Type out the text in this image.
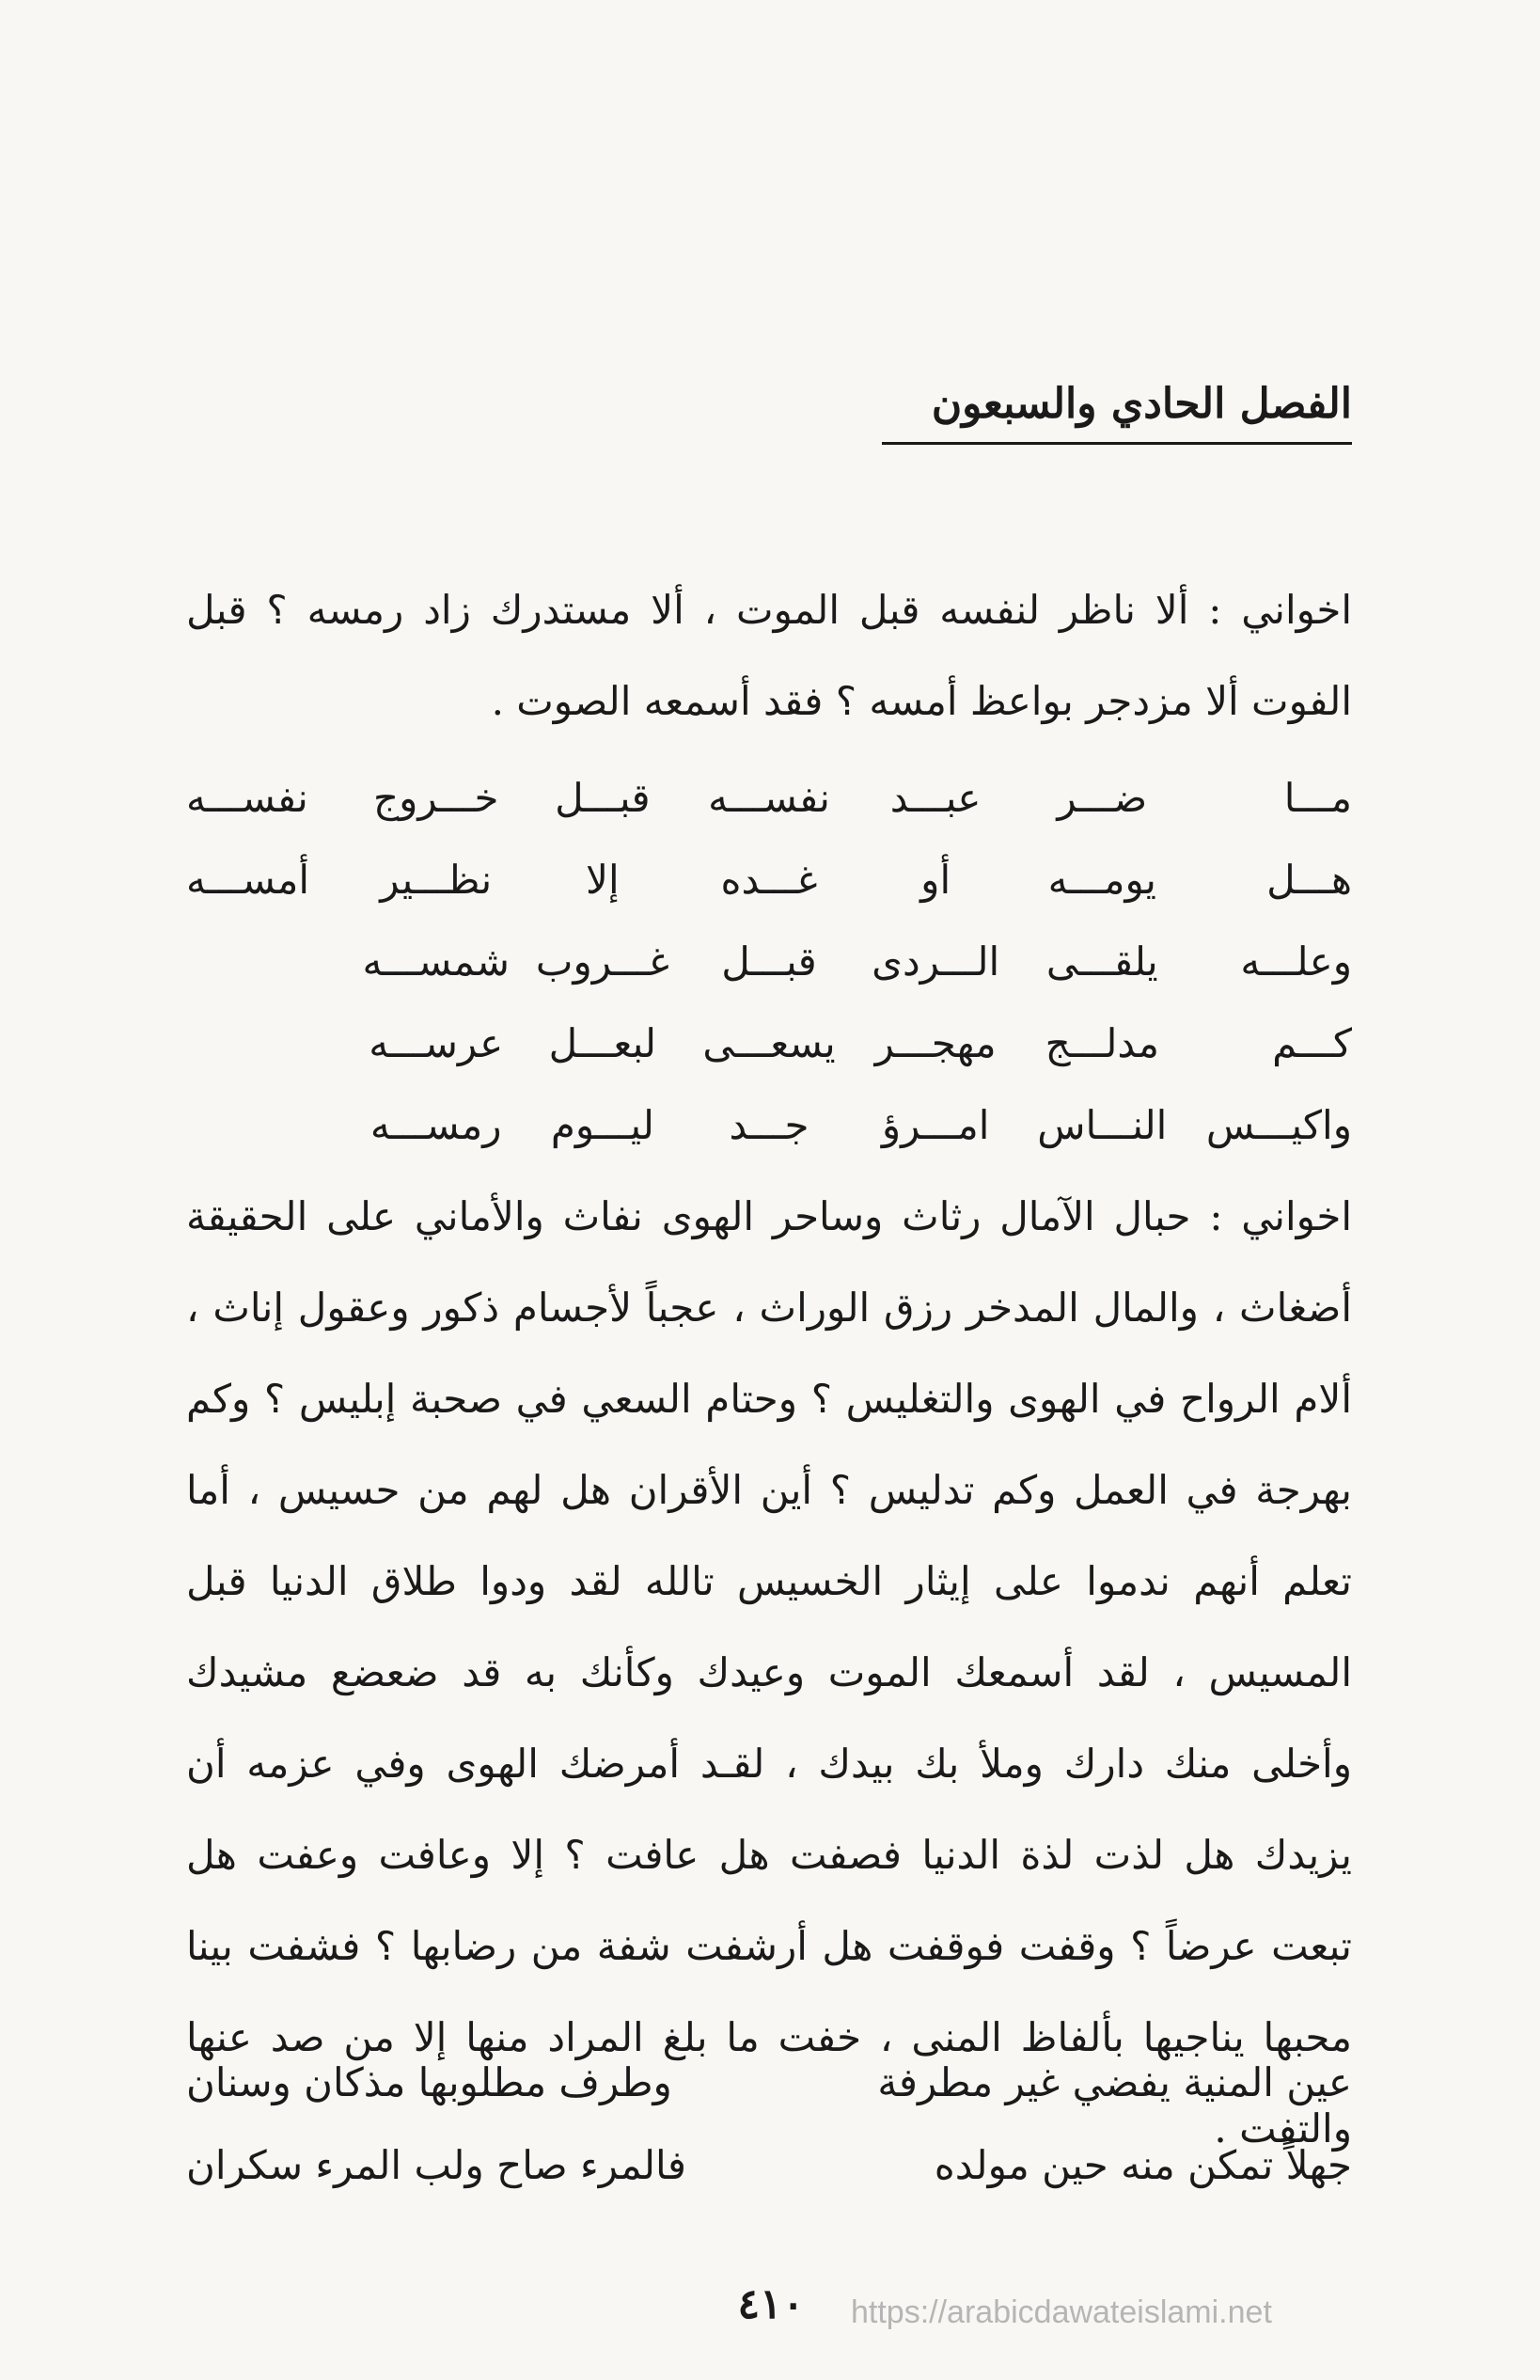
الفصل الحادي والسبعون

اخواني : ألا ناظر لنفسه قبل الموت ، ألا مستدرك زاد رمسه ؟ قبل الفوت ألا مزدجر بواعظ أمسه ؟ فقد أسمعه الصوت .

مـــا
ضـــر
عبـــد
نفســـه
قبـــل
خـــروج
نفســـه
هـــل
يومـــه
أو
غـــده
إلا
نظـــير
أمســـه
وعلـــه
يلقـــى
الـــردى
قبـــل
غـــروب
شمســـه
كـــم
مدلـــج
مهجـــر
يسعـــى
لبعـــل
عرســـه
واكيـــس
النـــاس
امـــرؤ
جـــد
ليـــوم
رمســـه

اخواني : حبال الآمال رثاث وساحر الهوى نفاث والأماني على الحقيقة أضغاث ، والمال المدخر رزق الوراث ، عجباً لأجسام ذكور وعقول إناث ، ألام الرواح في الهوى والتغليس ؟ وحتام السعي في صحبة إبليس ؟ وكم بهرجة في العمل وكم تدليس ؟ أين الأقران هل لهم من حسيس ، أما تعلم أنهم ندموا على إيثار الخسيس تالله لقد ودوا طلاق الدنيا قبل المسيس ، لقد أسمعك الموت وعيدك وكأنك به قد ضعضع مشيدك وأخلى منك دارك وملأ بك بيدك ، لقـد أمرضك الهوى وفي عزمه أن يزيدك هل لذت لذة الدنيا فصفت هل عافت ؟ إلا وعافت وعفت هل تبعت عرضاً ؟ وقفت فوقفت هل أرشفت شفة من رضابها ؟ فشفت بينا محبها يناجيها بألفاظ المنى ، خفت ما بلغ المراد منها إلا من صد عنها والتفت .

عين المنية يفضي غير مطرفة
وطرف مطلوبها مذكان وسنان
جهلاً تمكن منه حين مولده
فالمرء صاح ولب المرء سكران
٤١٠	https://arabicdawateislami.net
